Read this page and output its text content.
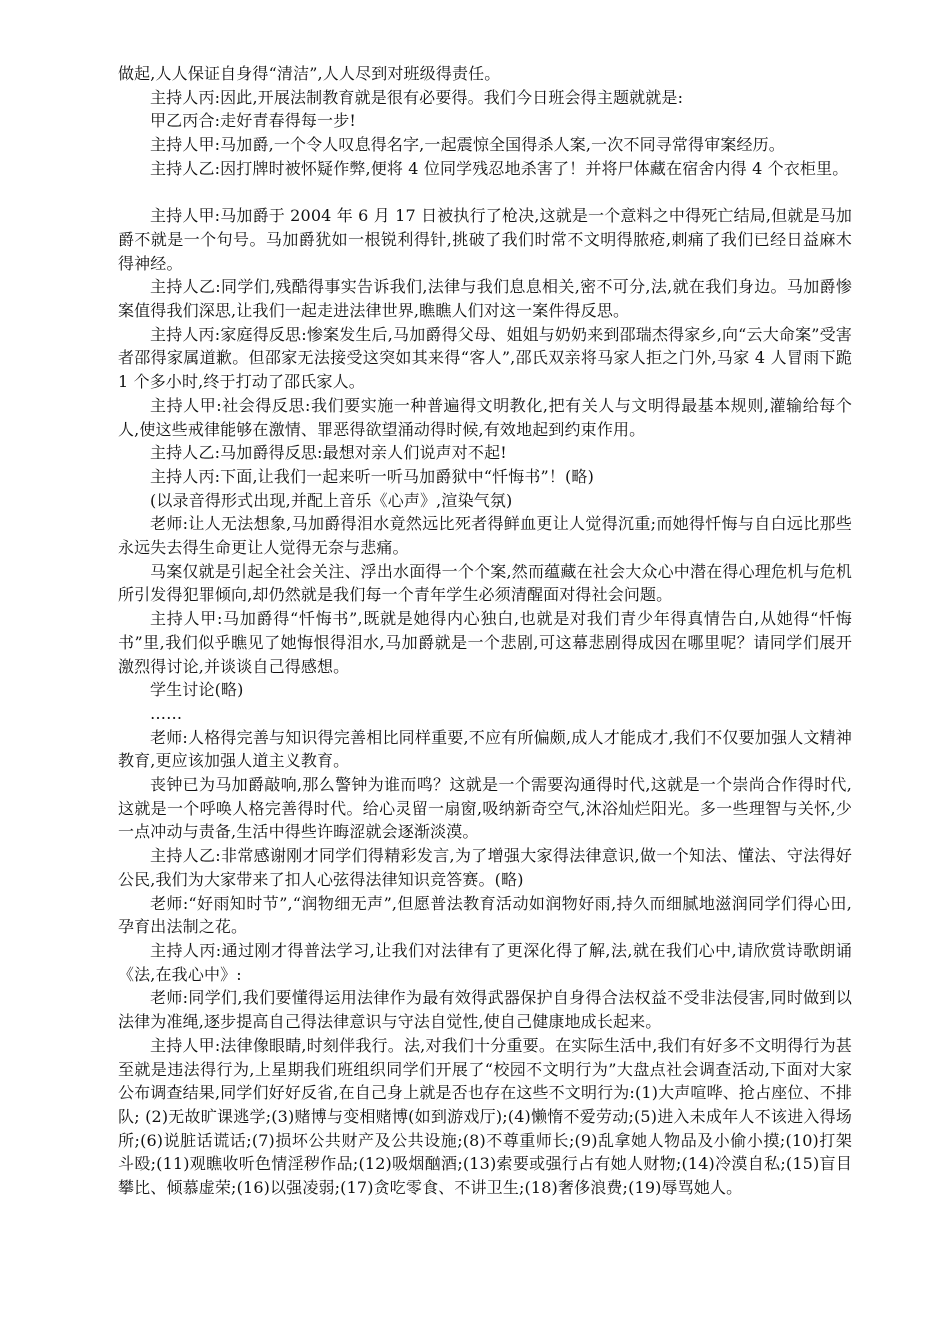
做起,人人保证自身得“清洁”,人人尽到对班级得责任。

主持人丙:因此,开展法制教育就是很有必要得。我们今日班会得主题就就是:

甲乙丙合:走好青春得每一步!

主持人甲:马加爵,一个令人叹息得名字,一起震惊全国得杀人案,一次不同寻常得审案经历。

主持人乙:因打牌时被怀疑作弊,便将 4 位同学残忍地杀害了！并将尸体藏在宿舍内得 4 个衣柜里。

主持人甲:马加爵于 2004 年 6 月 17 日被执行了枪决,这就是一个意料之中得死亡结局,但就是马加爵不就是一个句号。马加爵犹如一根锐利得针,挑破了我们时常不文明得脓疮,刺痛了我们已经日益麻木得神经。

主持人乙:同学们,残酷得事实告诉我们,法律与我们息息相关,密不可分,法,就在我们身边。马加爵惨案值得我们深思,让我们一起走进法律世界,瞧瞧人们对这一案件得反思。

主持人丙:家庭得反思:惨案发生后,马加爵得父母、姐姐与奶奶来到邵瑞杰得家乡,向“云大命案”受害者邵得家属道歉。但邵家无法接受这突如其来得“客人”,邵氏双亲将马家人拒之门外,马家 4 人冒雨下跪 1 个多小时,终于打动了邵氏家人。

主持人甲:社会得反思:我们要实施一种普遍得文明教化,把有关人与文明得最基本规则,灌输给每个人,使这些戒律能够在激情、罪恶得欲望涌动得时候,有效地起到约束作用。

主持人乙:马加爵得反思:最想对亲人们说声对不起!

主持人丙:下面,让我们一起来听一听马加爵狱中“忏悔书”！(略)

(以录音得形式出现,并配上音乐《心声》,渲染气氛)

老师:让人无法想象,马加爵得泪水竟然远比死者得鲜血更让人觉得沉重;而她得忏悔与自白远比那些永远失去得生命更让人觉得无奈与悲痛。

马案仅就是引起全社会关注、浮出水面得一个个案,然而蕴藏在社会大众心中潜在得心理危机与危机所引发得犯罪倾向,却仍然就是我们每一个青年学生必须清醒面对得社会问题。

主持人甲:马加爵得“忏悔书”,既就是她得内心独白,也就是对我们青少年得真情告白,从她得“忏悔书”里,我们似乎瞧见了她悔恨得泪水,马加爵就是一个悲剧,可这幕悲剧得成因在哪里呢？请同学们展开激烈得讨论,并谈谈自己得感想。

学生讨论(略)

……

老师:人格得完善与知识得完善相比同样重要,不应有所偏颇,成人才能成才,我们不仅要加强人文精神教育,更应该加强人道主义教育。

丧钟已为马加爵敲响,那么警钟为谁而鸣？这就是一个需要沟通得时代,这就是一个崇尚合作得时代,这就是一个呼唤人格完善得时代。给心灵留一扇窗,吸纳新奇空气,沐浴灿烂阳光。多一些理智与关怀,少一点冲动与责备,生活中得些许晦涩就会逐渐淡漠。

主持人乙:非常感谢刚才同学们得精彩发言,为了增强大家得法律意识,做一个知法、懂法、守法得好公民,我们为大家带来了扣人心弦得法律知识竞答赛。(略)

老师:“好雨知时节”,“润物细无声”,但愿普法教育活动如润物好雨,持久而细腻地滋润同学们得心田,孕育出法制之花。

主持人丙:通过刚才得普法学习,让我们对法律有了更深化得了解,法,就在我们心中,请欣赏诗歌朗诵《法,在我心中》:

老师:同学们,我们要懂得运用法律作为最有效得武器保护自身得合法权益不受非法侵害,同时做到以法律为准绳,逐步提高自己得法律意识与守法自觉性,使自己健康地成长起来。

主持人甲:法律像眼睛,时刻伴我行。法,对我们十分重要。在实际生活中,我们有好多不文明得行为甚至就是违法得行为,上星期我们班组织同学们开展了“校园不文明行为”大盘点社会调查活动,下面对大家公布调查结果,同学们好好反省,在自己身上就是否也存在这些不文明行为:(1)大声喧哗、抢占座位、不排队; (2)无故旷课逃学;(3)赌博与变相赌博(如到游戏厅);(4)懒惰不爱劳动;(5)进入未成年人不该进入得场所;(6)说脏话谎话;(7)损坏公共财产及公共设施;(8)不尊重师长;(9)乱拿她人物品及小偷小摸;(10)打架斗殴;(11)观瞧收听色情淫秽作品;(12)吸烟酗酒;(13)索要或强行占有她人财物;(14)冷漠自私;(15)盲目攀比、倾慕虚荣;(16)以强凌弱;(17)贪吃零食、不讲卫生;(18)奢侈浪费;(19)辱骂她人。
